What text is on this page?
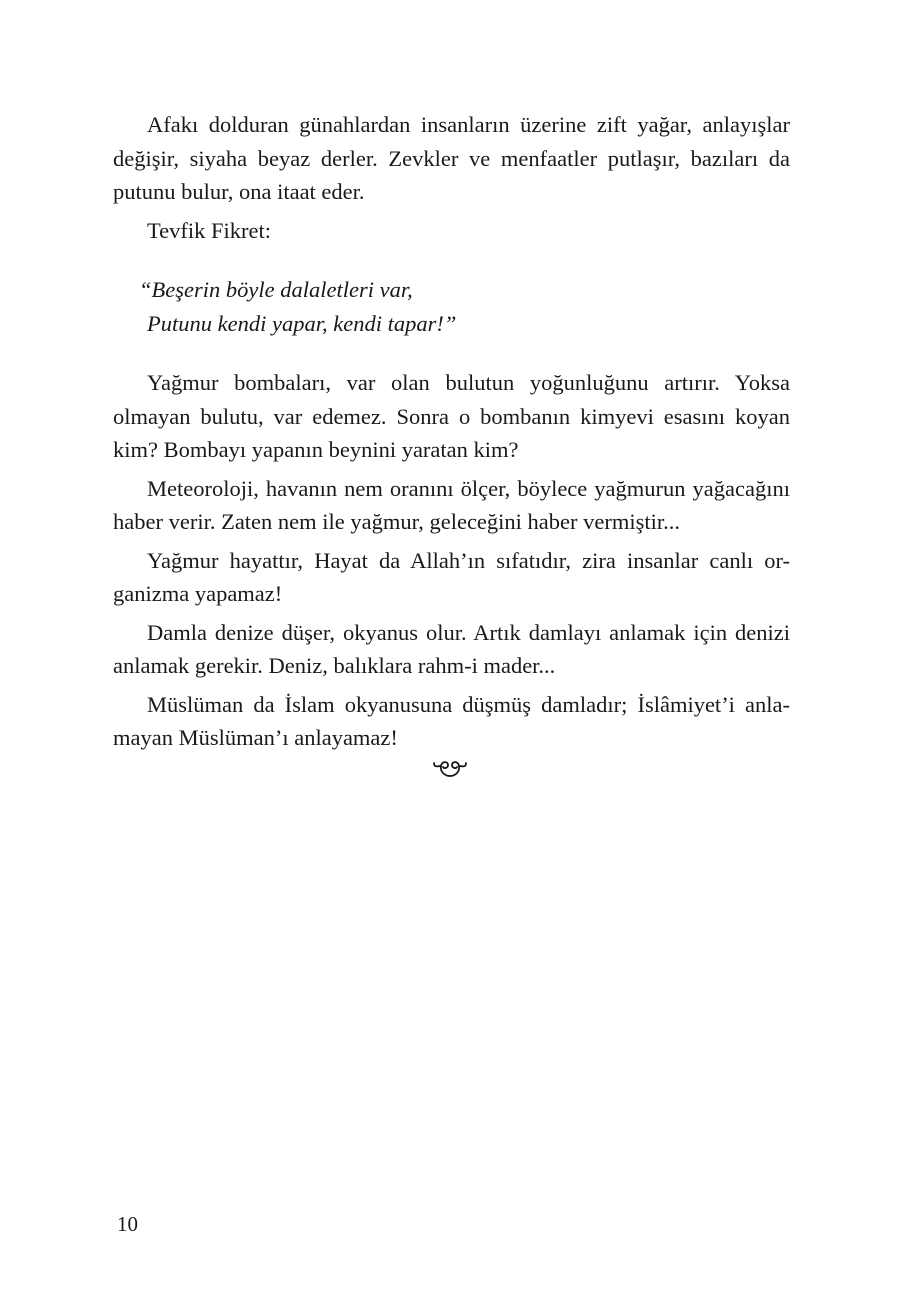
Afakı dolduran günahlardan insanların üzerine zift yağar, anlayışlar
değişir, siyaha beyaz derler. Zevkler ve menfaatler putlaşır, bazıları da
putunu bulur, ona itaat eder.
Tevfik Fikret:
“Beşerin böyle dalaletleri var,
Putunu kendi yapar, kendi tapar!”
Yağmur bombaları, var olan bulutun yoğunluğunu artırır. Yoksa
olmayan bulutu, var edemez. Sonra o bombanın kimyevi esasını koyan
kim? Bombayı yapanın beynini yaratan kim?
Meteoroloji, havanın nem oranını ölçer, böylece yağmurun yağacağını
haber verir. Zaten nem ile yağmur, geleceğini haber vermiştir...
Yağmur hayattır, Hayat da Allah’ın sıfatıdır, zira insanlar canlı or-
ganizma yapamaz!
Damla denize düşer, okyanus olur. Artık damlayı anlamak için denizi
anlamak gerekir. Deniz, balıklara rahm-i mader...
Müslüman da İslam okyanusuna düşmüş damladır; İslâmiyet’i anla-
mayan Müslüman’ı anlayamaz!
10
